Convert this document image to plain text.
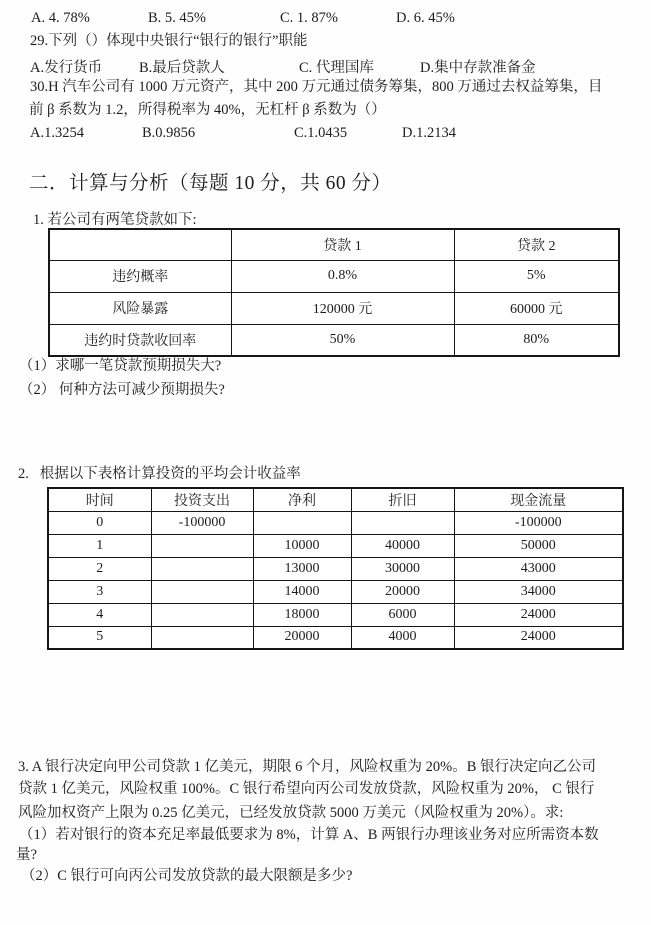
A. 4. 78%	B. 5. 45%	C. 1. 87%	D. 6. 45%
29.下列（）体现中央银行“银行的银行”职能
A.发行货币	B.最后贷款人	C. 代理国库	D.集中存款准备金
30.H 汽车公司有 1000 万元资产，其中 200 万元通过债务筹集，800 万通过去权益筹集，目
前 β 系数为 1.2，所得税率为 40%，无杠杆 β 系数为（）
A.1.3254	B.0.9856	C.1.0435	D.1.2134
二．计算与分析（每题 10 分，共 60 分）
1. 若公司有两笔贷款如下:
	贷款 1	贷款 2
违约概率	0.8%	5%
风险暴露	120000 元	60000 元
违约时贷款收回率	50%	80%
（1）求哪一笔贷款预期损失大?
（2） 何种方法可减少预期损失?
2.   根据以下表格计算投资的平均会计收益率
时间	投资支出	净利	折旧	现金流量
0	-100000			-100000
1		10000	40000	50000
2		13000	30000	43000
3		14000	20000	34000
4		18000	6000	24000
5		20000	4000	24000
3. A 银行决定向甲公司贷款 1 亿美元，期限 6 个月，风险权重为 20%。B 银行决定向乙公司
贷款 1 亿美元，风险权重 100%。C 银行希望向丙公司发放贷款，风险权重为 20%， C 银行
风险加权资产上限为 0.25 亿美元，已经发放贷款 5000 万美元（风险权重为 20%）。求:
（1）若对银行的资本充足率最低要求为 8%，计算 A、B 两银行办理该业务对应所需资本数
量?
（2）C 银行可向丙公司发放贷款的最大限额是多少?
